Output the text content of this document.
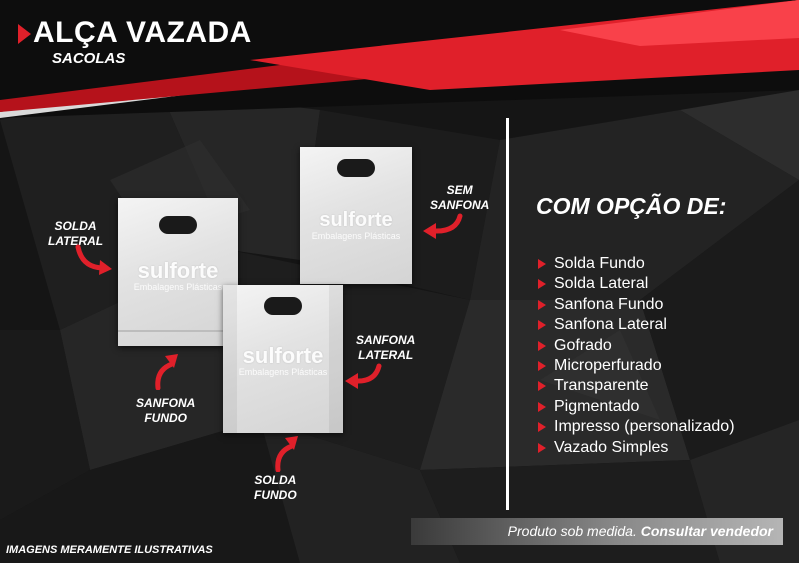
ALÇA VAZADA
SACOLAS
sulforte
Embalagens Plásticas
sulforte
Embalagens Plásticas
sulforte
Embalagens Plásticas
SOLDA
LATERAL
SEM
SANFONA
SANFONA
FUNDO
SANFONA
LATERAL
SOLDA
FUNDO
COM OPÇÃO DE:
Solda Fundo
Solda Lateral
Sanfona Fundo
Sanfona Lateral
Gofrado
Microperfurado
Transparente
Pigmentado
Impresso (personalizado)
Vazado Simples
Produto sob medida. Consultar vendedor
IMAGENS MERAMENTE ILUSTRATIVAS
